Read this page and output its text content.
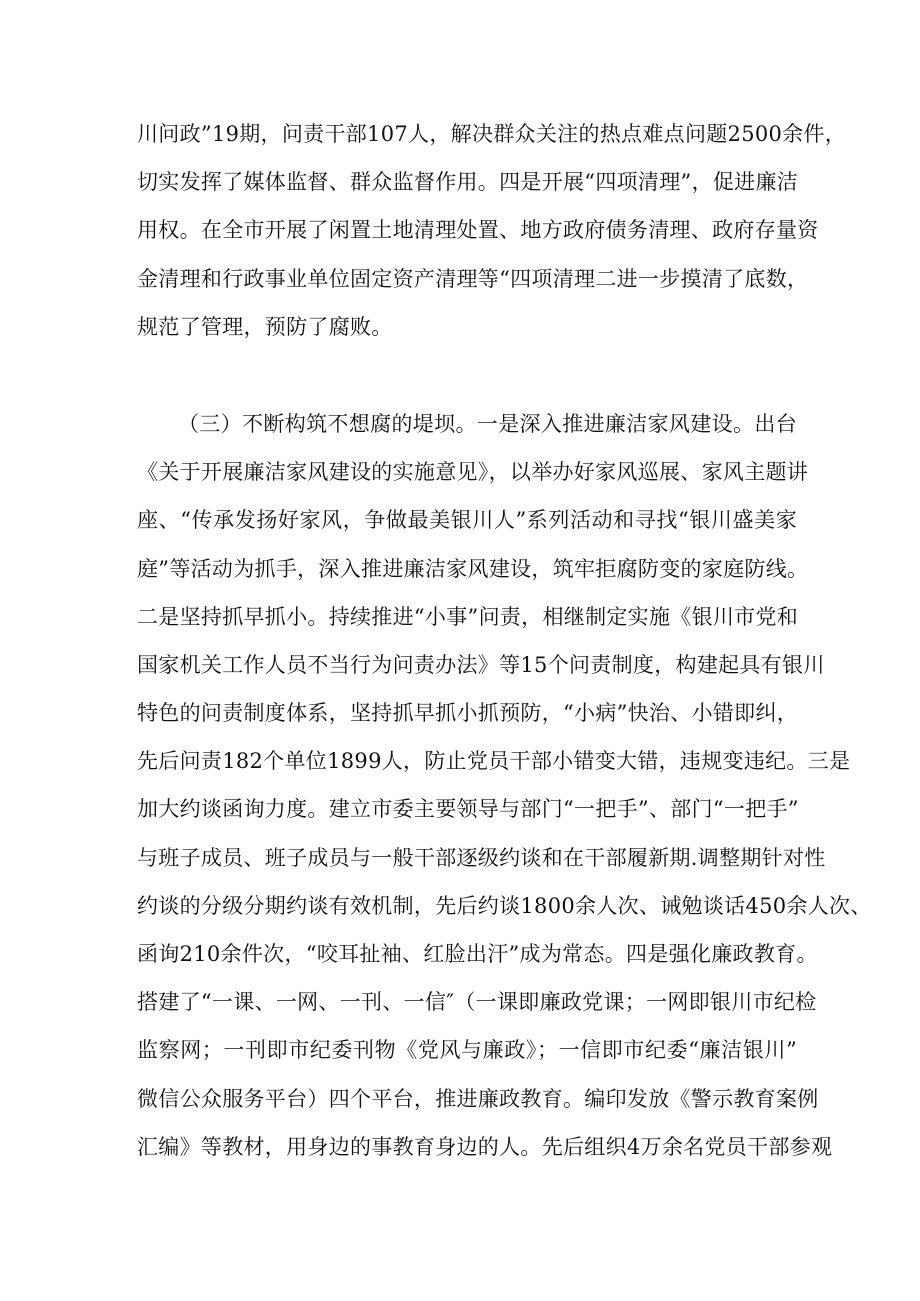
川问政”19期，问责干部107人，解决群众关注的热点难点问题2500余件，
切实发挥了媒体监督、群众监督作用。四是开展“四项清理”，促进廉洁
用权。在全市开展了闲置土地清理处置、地方政府债务清理、政府存量资
金清理和行政事业单位固定资产清理等“四项清理二进一步摸清了底数，
规范了管理，预防了腐败。
（三）不断构筑不想腐的堤坝。一是深入推进廉洁家风建设。出台
《关于开展廉洁家风建设的实施意见》，以举办好家风巡展、家风主题讲
座、“传承发扬好家风，争做最美银川人”系列活动和寻找“银川盛美家
庭”等活动为抓手，深入推进廉洁家风建设，筑牢拒腐防变的家庭防线。
二是坚持抓早抓小。持续推进“小事”问责，相继制定实施《银川市党和
国家机关工作人员不当行为问责办法》等15个问责制度，构建起具有银川
特色的问责制度体系，坚持抓早抓小抓预防，“小病”快治、小错即纠，
先后问责182个单位1899人，防止党员干部小错变大错，违规变违纪。三是
加大约谈函询力度。建立市委主要领导与部门“一把手”、部门“一把手”
与班子成员、班子成员与一般干部逐级约谈和在干部履新期.调整期针对性
约谈的分级分期约谈有效机制，先后约谈1800余人次、诫勉谈话450余人次、
函询210余件次，“咬耳扯袖、红脸出汗”成为常态。四是强化廉政教育。
搭建了“一课、一网、一刊、一信″（一课即廉政党课；一网即银川市纪检
监察网；一刊即市纪委刊物《党风与廉政》；一信即市纪委“廉洁银川”
微信公众服务平台）四个平台，推进廉政教育。编印发放《警示教育案例
汇编》等教材，用身边的事教育身边的人。先后组织4万余名党员干部参观
